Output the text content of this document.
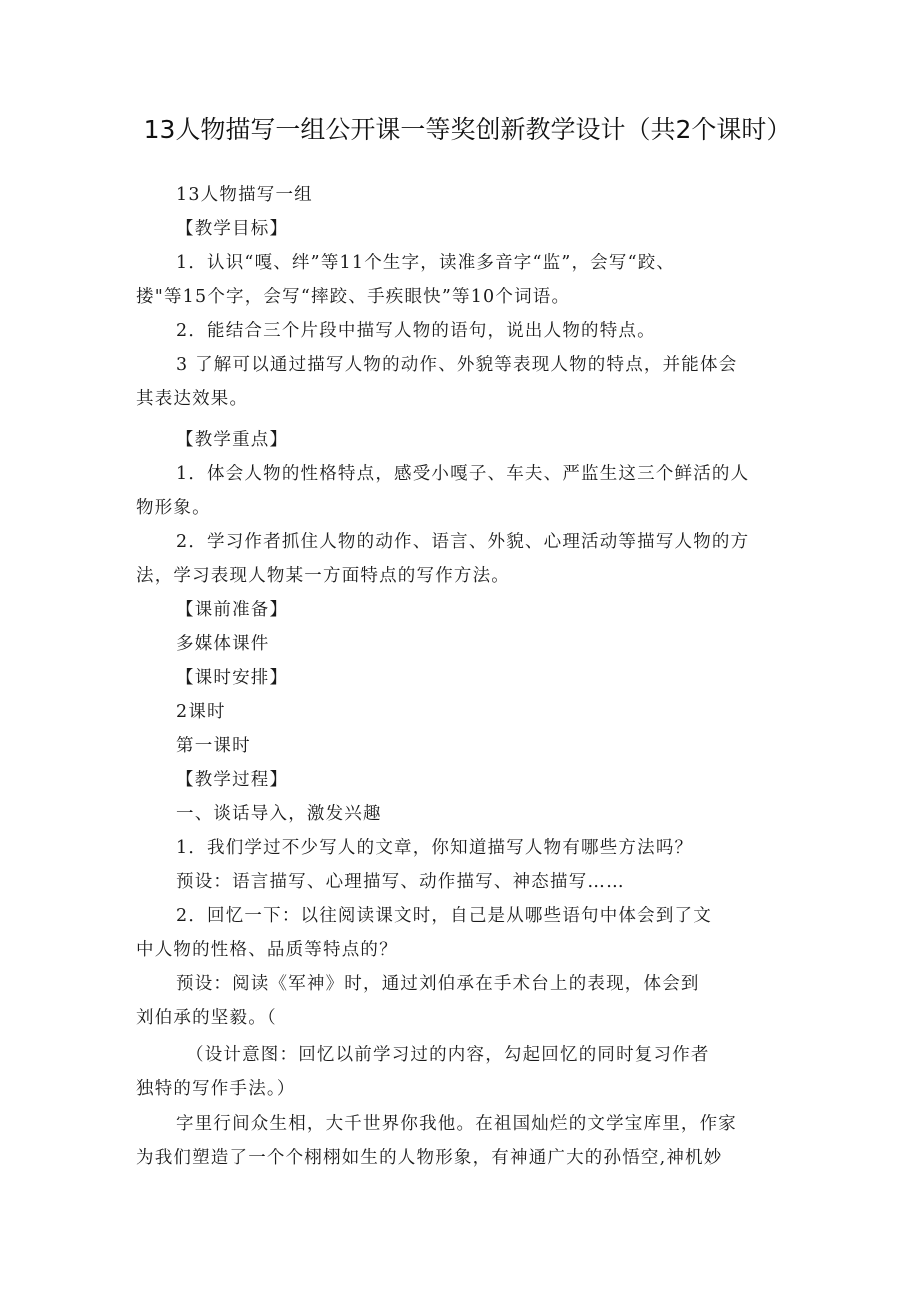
13人物描写一组公开课一等奖创新教学设计（共2个课时）
13人物描写一组
【教学目标】
1．认识“嘎、绊”等11个生字，读准多音字“监”，会写“跤、
搂"等15个字，会写“摔跤、手疾眼快”等10个词语。
2．能结合三个片段中描写人物的语句，说出人物的特点。
3 了解可以通过描写人物的动作、外貌等表现人物的特点，并能体会
其表达效果。
【教学重点】
1．体会人物的性格特点，感受小嘎子、车夫、严监生这三个鲜活的人
物形象。
2．学习作者抓住人物的动作、语言、外貌、心理活动等描写人物的方
法，学习表现人物某一方面特点的写作方法。
【课前准备】
多媒体课件
【课时安排】
2课时
第一课时
【教学过程】
一、谈话导入，激发兴趣
1．我们学过不少写人的文章，你知道描写人物有哪些方法吗？
预设：语言描写、心理描写、动作描写、神态描写……
2．回忆一下：以往阅读课文时，自己是从哪些语句中体会到了文
中人物的性格、品质等特点的？
预设：阅读《军神》时，通过刘伯承在手术台上的表现，体会到
刘伯承的坚毅。（
（设计意图：回忆以前学习过的内容，勾起回忆的同时复习作者
独特的写作手法。）
字里行间众生相，大千世界你我他。在祖国灿烂的文学宝库里，作家
为我们塑造了一个个栩栩如生的人物形象，有神通广大的孙悟空,神机妙
